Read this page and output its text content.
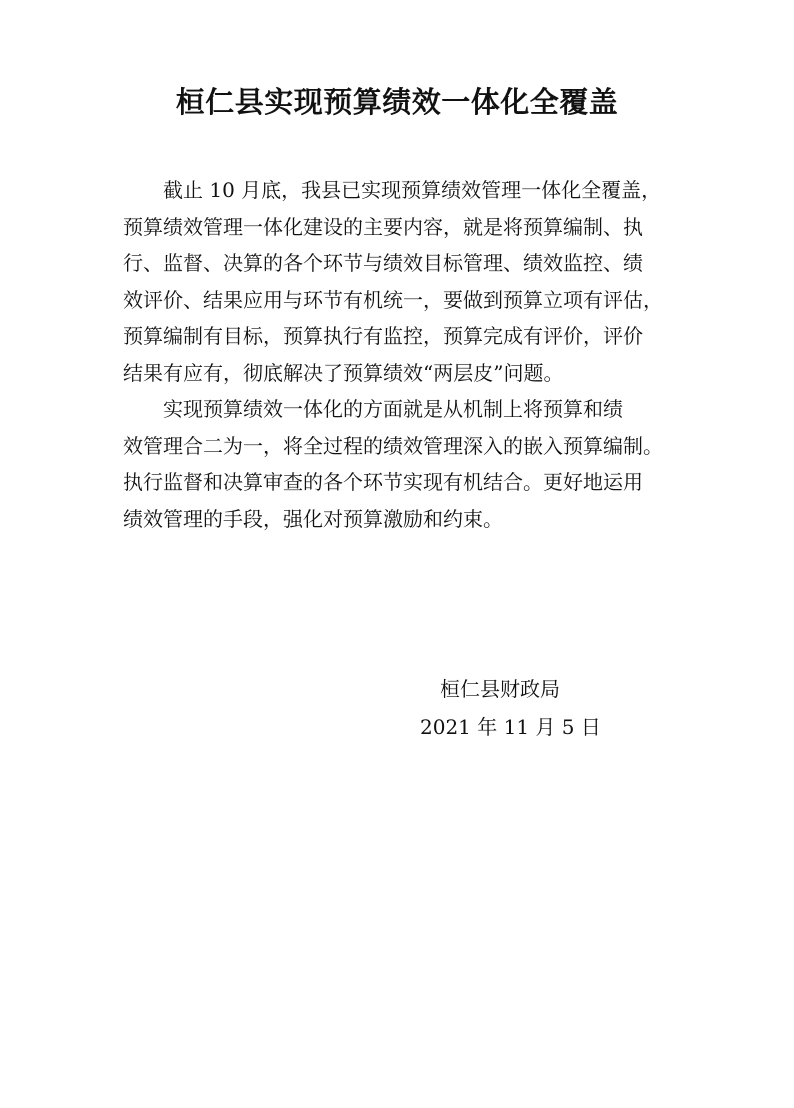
桓仁县实现预算绩效一体化全覆盖
截止 10 月底，我县已实现预算绩效管理一体化全覆盖，
预算绩效管理一体化建设的主要内容，就是将预算编制、执
行、监督、决算的各个环节与绩效目标管理、绩效监控、绩
效评价、结果应用与环节有机统一，要做到预算立项有评估，
预算编制有目标，预算执行有监控，预算完成有评价，评价
结果有应有，彻底解决了预算绩效“两层皮”问题。
实现预算绩效一体化的方面就是从机制上将预算和绩
效管理合二为一，将全过程的绩效管理深入的嵌入预算编制。
执行监督和决算审查的各个环节实现有机结合。更好地运用
绩效管理的手段，强化对预算激励和约束。
桓仁县财政局
2021 年 11 月 5 日
